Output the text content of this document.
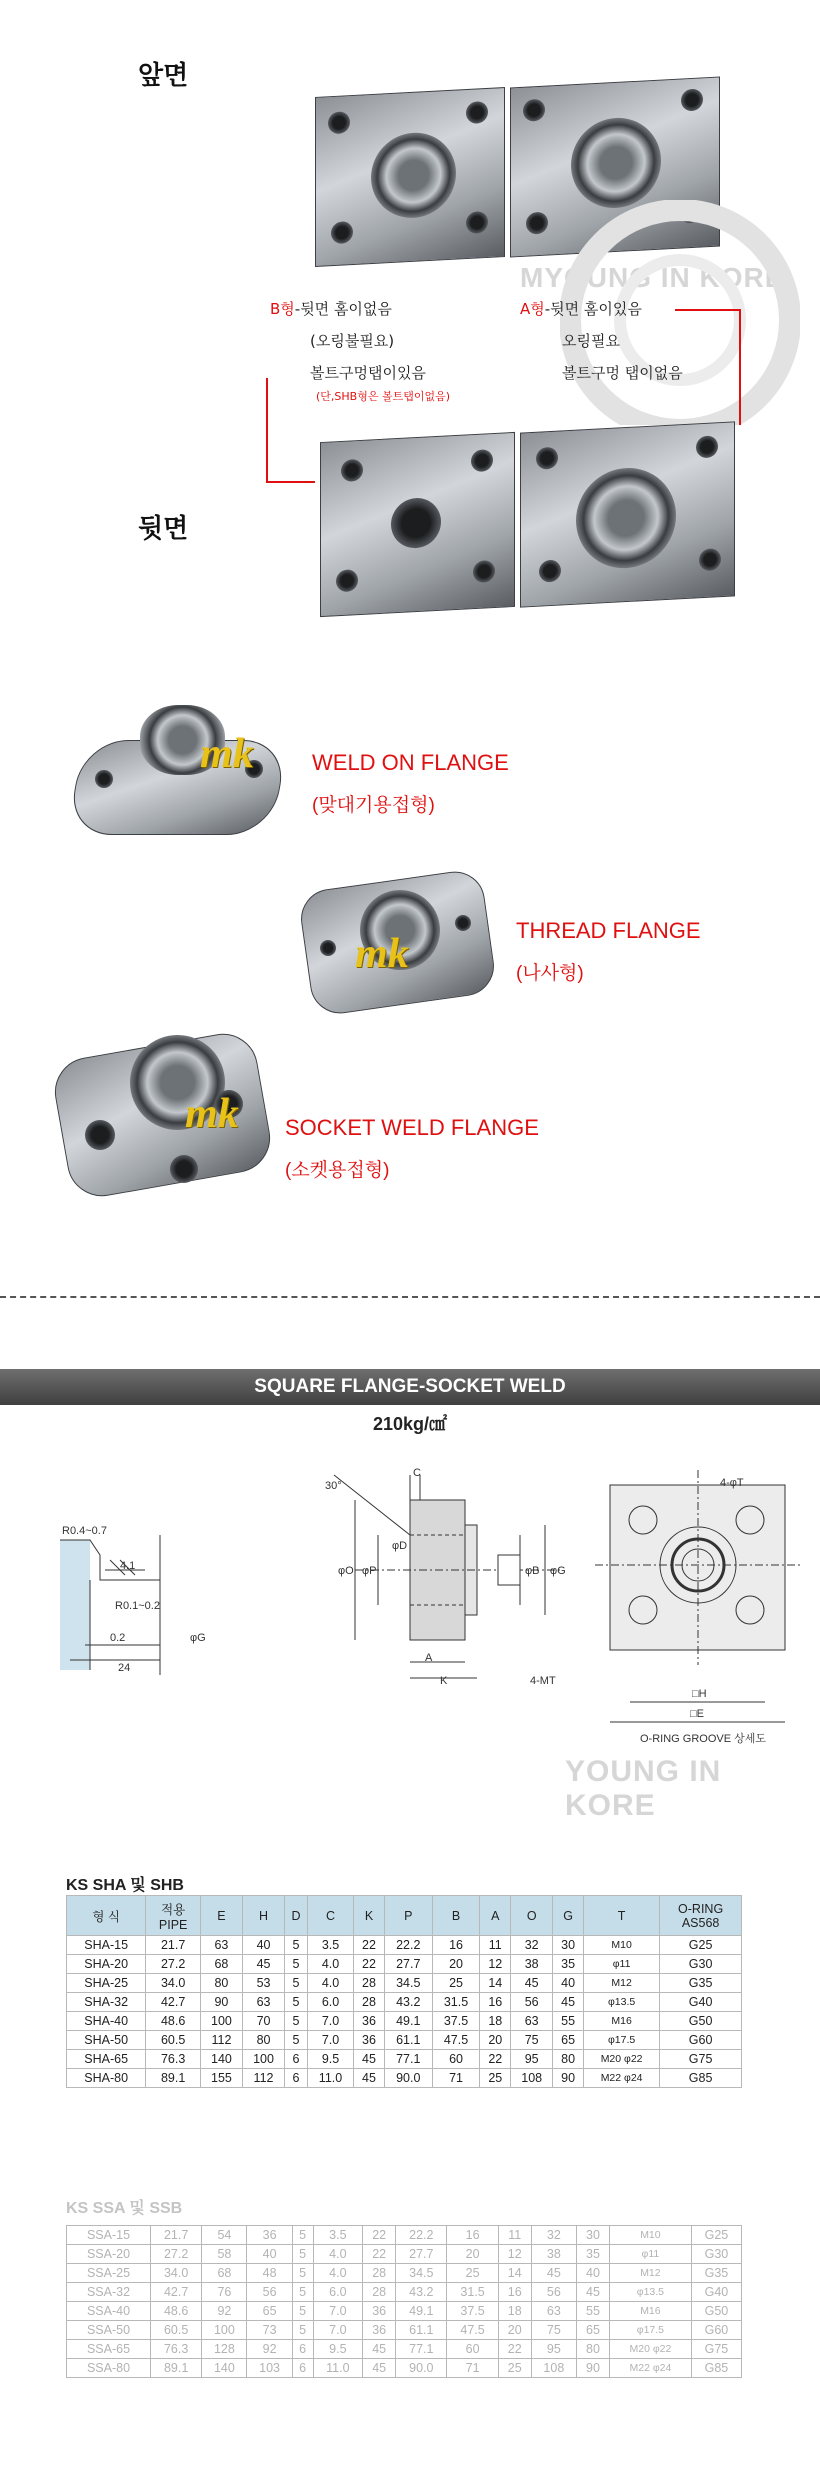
앞면
뒷면
MYOUNG IN KORE
B형-뒷면 홈이없음
(오링불필요)
볼트구멍탭이있음
(단,SHB형은 볼트탭이없음)
A형-뒷면 홈이있음
오링필요
볼트구멍 탭이없음
mk	WELD ON FLANGE
(맞대기용접형)
mk
THREAD FLANGE
(나사형)
mk SOCKET WELD FLANGE
(소켓용접형)
SQUARE FLANGE-SOCKET WELD
210kg/㎠
C
4-φT
30°
φO φP
φD
φB φG
A
K	4-MT
□H
□E
O-RING GROOVE 상세도
R0.4~0.7
R0.1~0.2
4.1
0.2
24
φG
YOUNG IN KORE
KS SHA 및 SHB
형 식	적용
PIPE	E	H	D	C	K	P	B	A	O	G	T	O-RING
AS568
SHA-15	21.7	63	40	5	3.5	22	22.2	16	11	32	30	M10	G25
SHA-20	27.2	68	45	5	4.0	22	27.7	20	12	38	35	φ11	G30
SHA-25	34.0	80	53	5	4.0	28	34.5	25	14	45	40	M12	G35
SHA-32	42.7	90	63	5	6.0	28	43.2	31.5	16	56	45	φ13.5	G40
SHA-40	48.6	100	70	5	7.0	36	49.1	37.5	18	63	55	M16	G50
SHA-50	60.5	112	80	5	7.0	36	61.1	47.5	20	75	65	φ17.5	G60
SHA-65	76.3	140	100	6	9.5	45	77.1	60	22	95	80	M20 φ22	G75
SHA-80	89.1	155	112	6	11.0	45	90.0	71	25	108	90	M22 φ24	G85
KS SSA 및 SSB
SSA-15	21.7	54	36	5	3.5	22	22.2	16	11	32	30	M10	G25
SSA-20	27.2	58	40	5	4.0	22	27.7	20	12	38	35	φ11	G30
SSA-25	34.0	68	48	5	4.0	28	34.5	25	14	45	40	M12	G35
SSA-32	42.7	76	56	5	6.0	28	43.2	31.5	16	56	45	φ13.5	G40
SSA-40	48.6	92	65	5	7.0	36	49.1	37.5	18	63	55	M16	G50
SSA-50	60.5	100	73	5	7.0	36	61.1	47.5	20	75	65	φ17.5	G60
SSA-65	76.3	128	92	6	9.5	45	77.1	60	22	95	80	M20 φ22	G75
SSA-80	89.1	140	103	6	11.0	45	90.0	71	25	108	90	M22 φ24	G85
